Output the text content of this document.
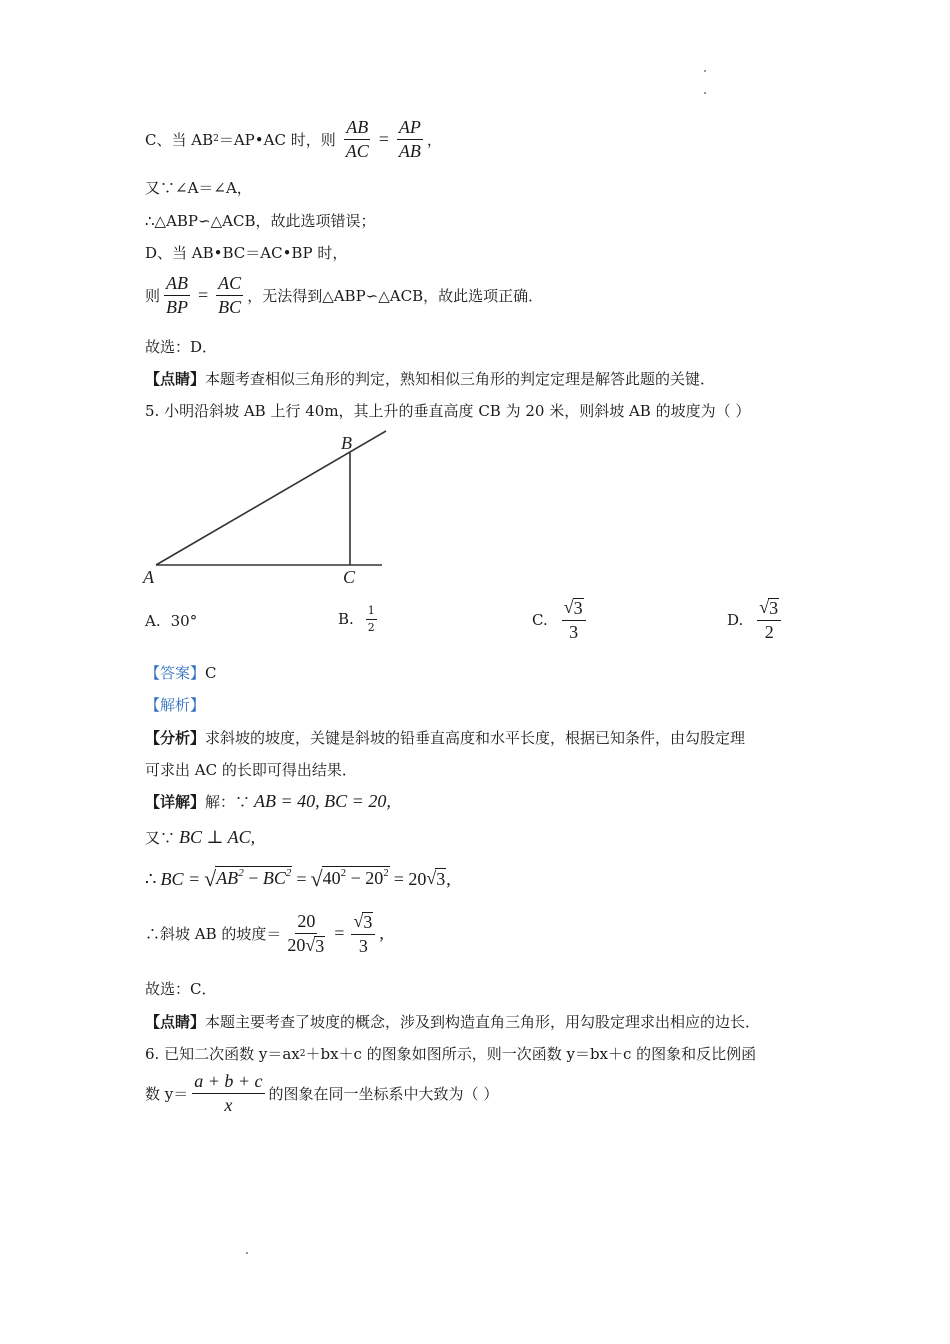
C、当 AB 2 ＝AP•AC 时，则 $\frac{AB}{AC} = \frac{AP}{AB}$ ，
又∵∠A＝∠A，
∴△ABP∽△ACB，故此选项错误；
D、当 AB•BC＝AC•BP 时，
则 $\frac{AB}{BP} = \frac{AC}{BC}$ ，无法得到△ABP∽△ACB，故此选项正确．
故选：D．
【点睛】 本题考查相似三角形的判定，熟知相似三角形的判定定理是解答此题的关键．
5. 小明沿斜坡 AB 上行 40m，其上升的垂直高度 CB 为 20 米，则斜坡 AB 的坡度为（ ）
A
B
C
A. 30°	B. $\frac{1}{2}$	C. $\frac{√ 3}{3}$	D. $\frac{√ 3}{2}$
【答案】 C
【解析】
【分析】 求斜坡的坡度，关键是斜坡的铅垂直高度和水平长度，根据已知条件，由勾股定理
可求出 AC 的长即可得出结果．
【详解】 解：∵ AB = 40, BC = 20,
又∵ BC ⊥ AC,
∴ BC = √ $AB^2 - BC^2$ = √ $40^2 - 20^2 = 20$ √ 3 ,
∴斜坡 AB 的坡度＝ $\frac{20}{20 √ 3} = \frac{√ 3}{3}$ ,
故选：C．
【点睛】 本题主要考查了坡度的概念，涉及到构造直角三角形，用勾股定理求出相应的边长．
6. 已知二次函数 y＝ax 2 ＋bx＋c 的图象如图所示，则一次函数 y＝bx＋c 的图象和反比例函
数 $y= \frac{a + b + c}{x}$ 的图象在同一坐标系中大致为（ ）
